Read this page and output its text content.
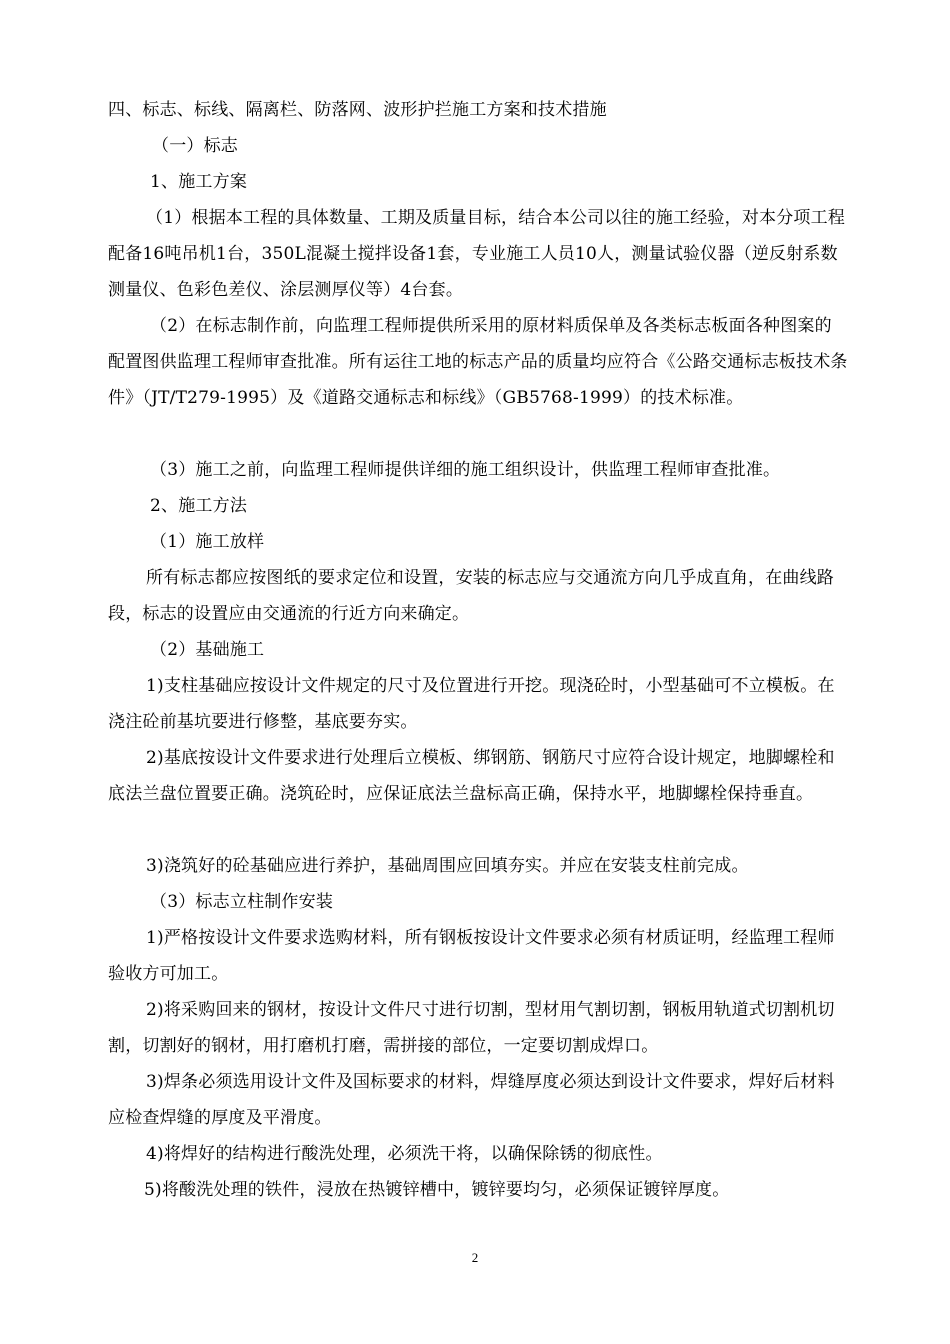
四、标志、标线、隔离栏、防落网、波形护拦施工方案和技术措施

（一）标志

1、施工方案

（1）根据本工程的具体数量、工期及质量目标，结合本公司以往的施工经验，对本分项工程配备16吨吊机1台，350L混凝土搅拌设备1套，专业施工人员10人，测量试验仪器（逆反射系数测量仪、色彩色差仪、涂层测厚仪等）4台套。

（2）在标志制作前，向监理工程师提供所采用的原材料质保单及各类标志板面各种图案的配置图供监理工程师审查批准。所有运往工地的标志产品的质量均应符合《公路交通标志板技术条件》（JT/T279-1995）及《道路交通标志和标线》（GB5768-1999）的技术标准。

（3）施工之前，向监理工程师提供详细的施工组织设计，供监理工程师审查批准。

2、施工方法

（1）施工放样

所有标志都应按图纸的要求定位和设置，安装的标志应与交通流方向几乎成直角，在曲线路段，标志的设置应由交通流的行近方向来确定。

（2）基础施工

1)支柱基础应按设计文件规定的尺寸及位置进行开挖。现浇砼时，小型基础可不立模板。在浇注砼前基坑要进行修整，基底要夯实。

2)基底按设计文件要求进行处理后立模板、绑钢筋、钢筋尺寸应符合设计规定，地脚螺栓和底法兰盘位置要正确。浇筑砼时，应保证底法兰盘标高正确，保持水平，地脚螺栓保持垂直。

3)浇筑好的砼基础应进行养护，基础周围应回填夯实。并应在安装支柱前完成。

（3）标志立柱制作安装

1)严格按设计文件要求选购材料，所有钢板按设计文件要求必须有材质证明，经监理工程师验收方可加工。

2)将采购回来的钢材，按设计文件尺寸进行切割，型材用气割切割，钢板用轨道式切割机切割，切割好的钢材，用打磨机打磨，需拼接的部位，一定要切割成焊口。

3)焊条必须选用设计文件及国标要求的材料，焊缝厚度必须达到设计文件要求，焊好后材料应检查焊缝的厚度及平滑度。

4)将焊好的结构进行酸洗处理，必须洗干将，以确保除锈的彻底性。

5)将酸洗处理的铁件，浸放在热镀锌槽中，镀锌要均匀，必须保证镀锌厚度。

2
